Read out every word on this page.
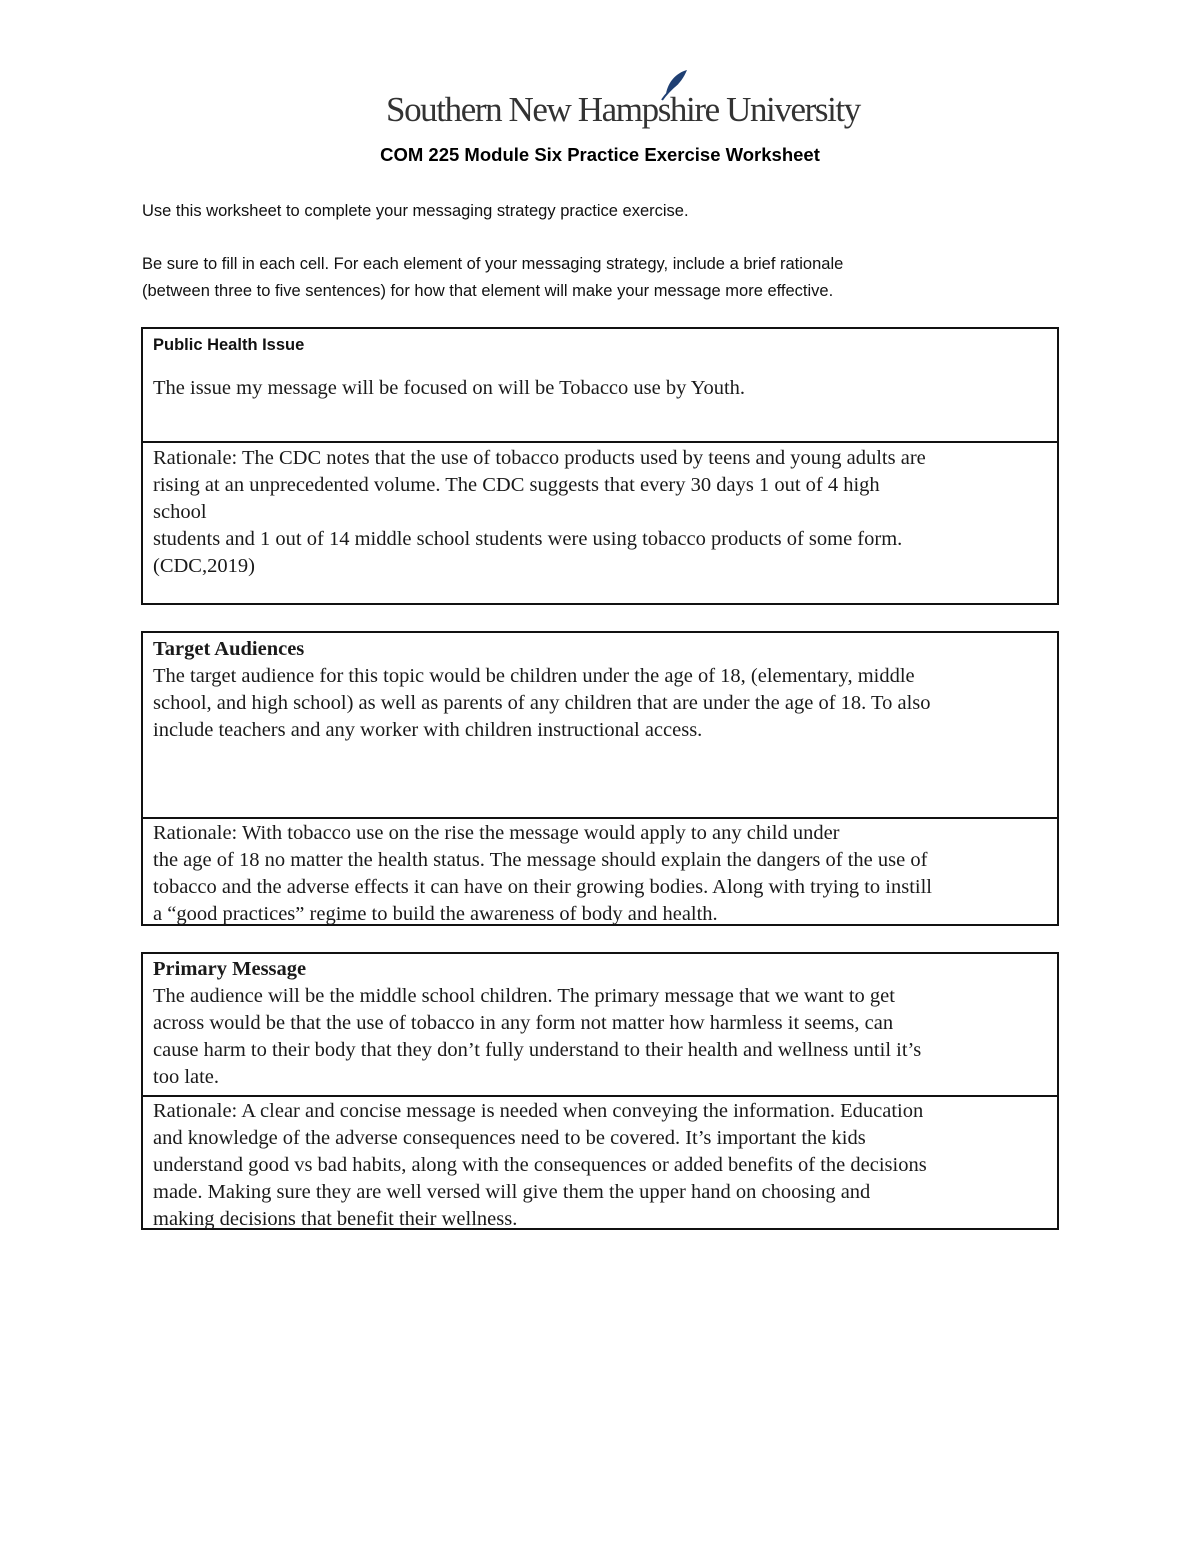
Southern New Hampshire University
COM 225 Module Six Practice Exercise Worksheet
Use this worksheet to complete your messaging strategy practice exercise.
Be sure to fill in each cell. For each element of your messaging strategy, include a brief rationale
(between three to five sentences) for how that element will make your message more effective.
Public Health Issue
The issue my message will be focused on will be Tobacco use by Youth.
Rationale: The CDC notes that the use of tobacco products used by teens and young adults are
rising at an unprecedented volume. The CDC suggests that every 30 days 1 out of 4 high
school
students and 1 out of 14 middle school students were using tobacco products of some form.
(CDC,2019)
Target Audiences
The target audience for this topic would be children under the age of 18, (elementary, middle
school, and high school) as well as parents of any children that are under the age of 18. To also
include teachers and any worker with children instructional access.
Rationale: With tobacco use on the rise the message would apply to any child under
the age of 18 no matter the health status. The message should explain the dangers of the use of
tobacco and the adverse effects it can have on their growing bodies. Along with trying to instill
a “good practices” regime to build the awareness of body and health.
Primary Message
The audience will be the middle school children. The primary message that we want to get
across would be that the use of tobacco in any form not matter how harmless it seems, can
cause harm to their body that they don’t fully understand to their health and wellness until it’s
too late.
Rationale: A clear and concise message is needed when conveying the information. Education
and knowledge of the adverse consequences need to be covered. It’s important the kids
understand good vs bad habits, along with the consequences or added benefits of the decisions
made. Making sure they are well versed will give them the upper hand on choosing and
making decisions that benefit their wellness.
